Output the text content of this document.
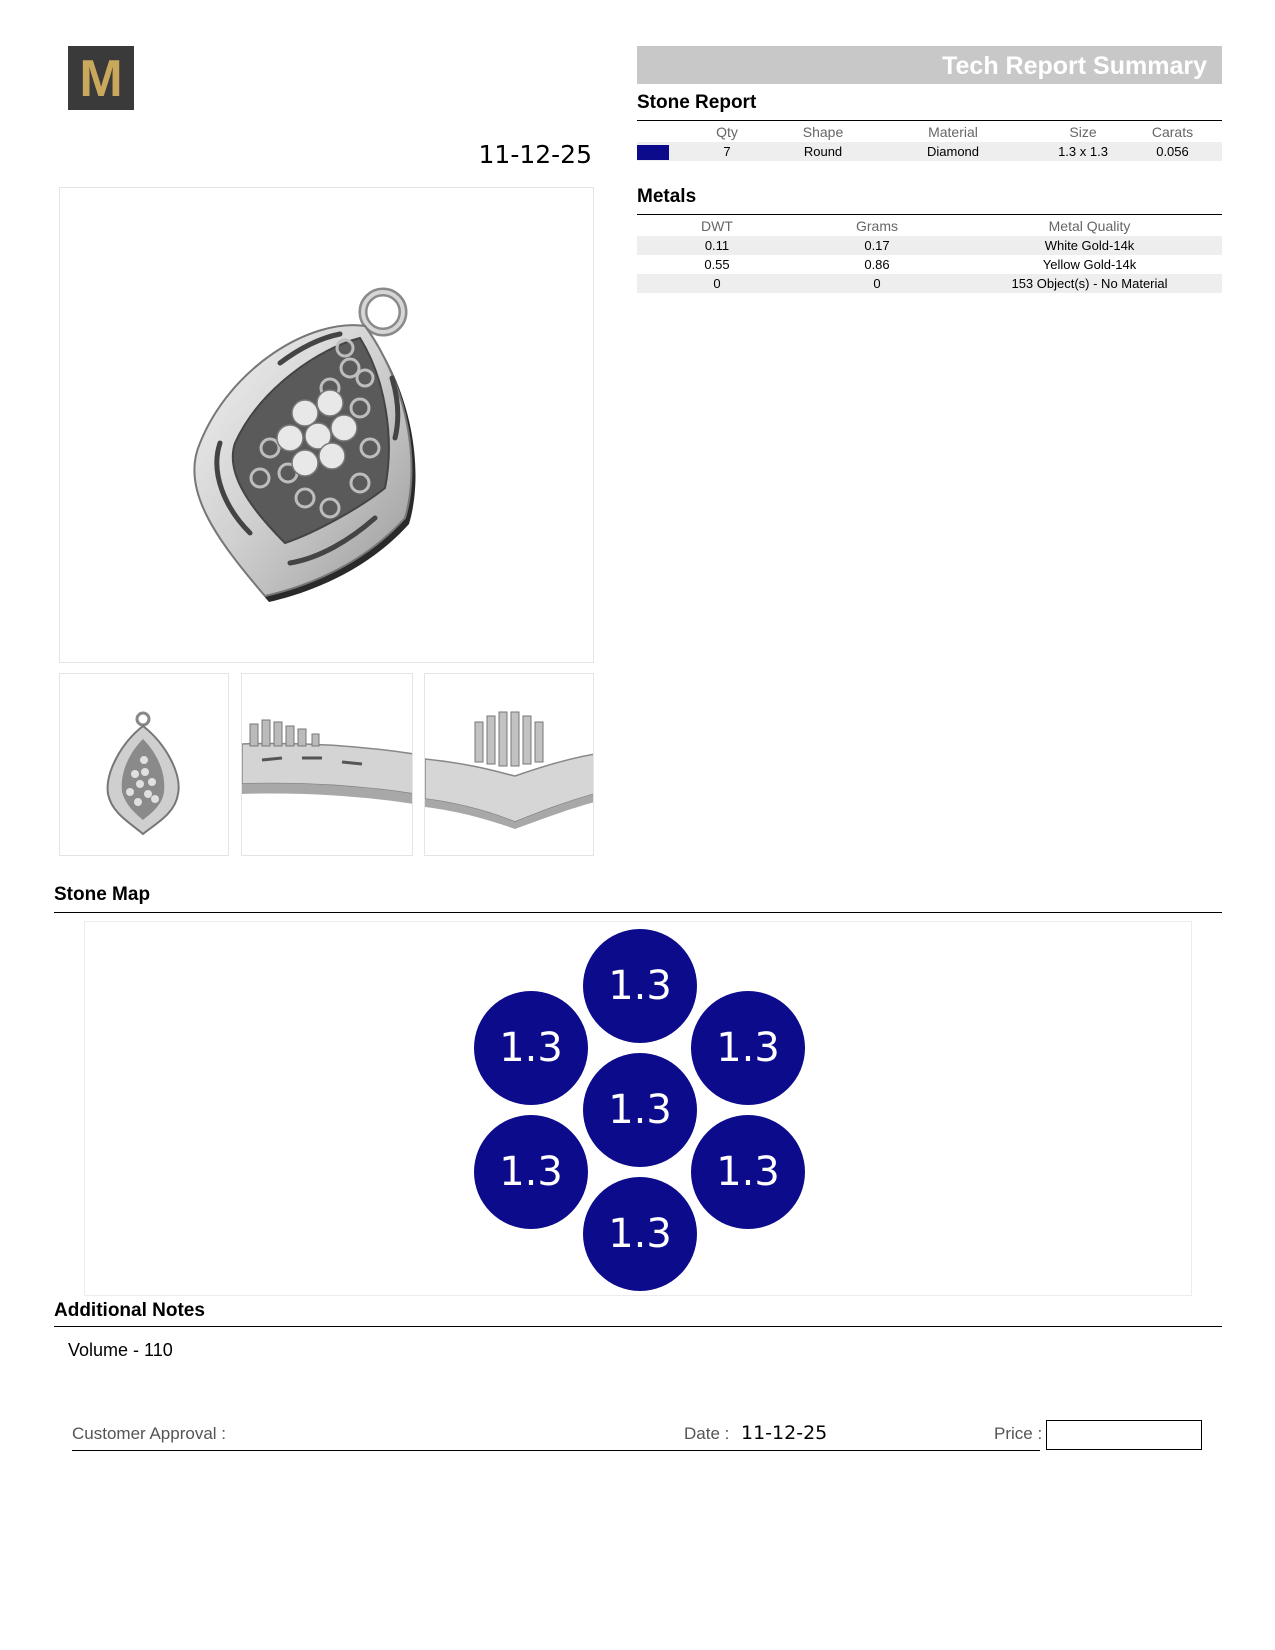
M
11-12-25
Tech Report Summary
Stone Report
	Qty	Shape	Material	Size	Carats
	7	Round	Diamond	1.3 x 1.3	0.056
Metals
DWT	Grams	Metal Quality
0.11	0.17	White Gold-14k
0.55	0.86	Yellow Gold-14k
0	0	153 Object(s) - No Material
Stone Map
1.3
1.3	1.3
1.3
1.3	1.3
1.3
Additional Notes
Volume - 110
Customer Approval :	Date : 11-12-25	Price :
